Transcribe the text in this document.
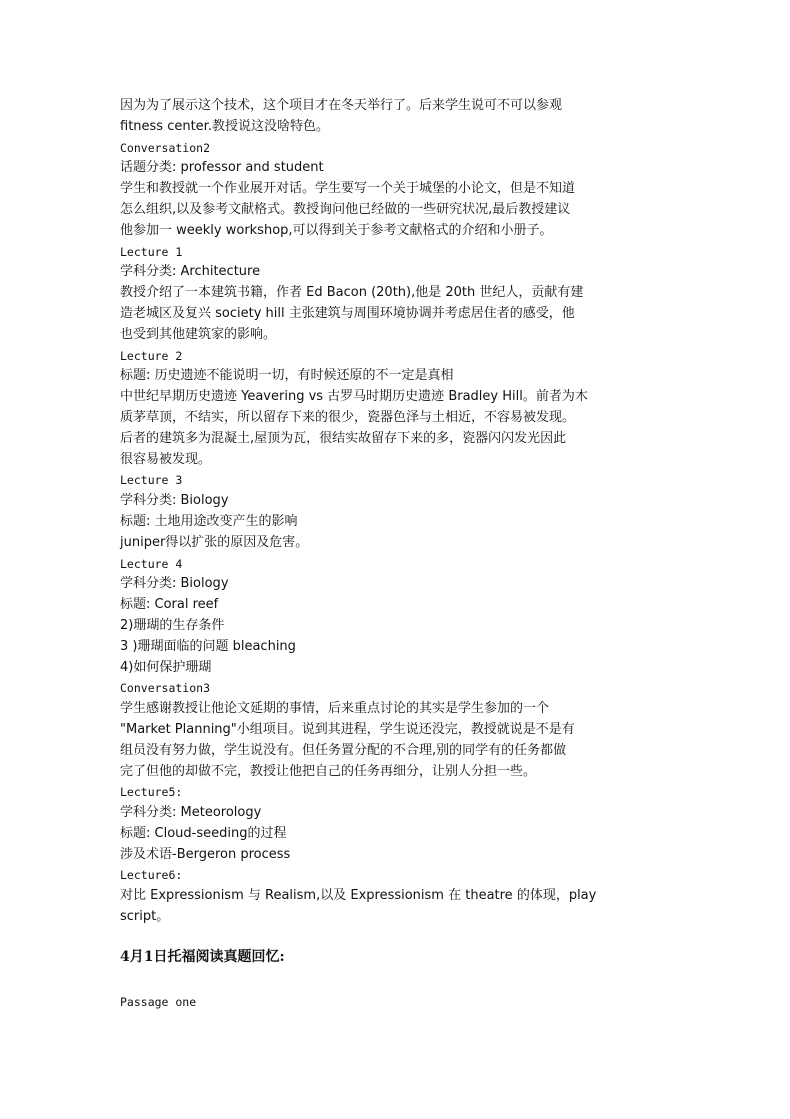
因为为了展示这个技术，这个项目才在冬天举行了。后来学生说可不可以参观
fitness center.教授说这没啥特色。
Conversation2
话题分类: professor and student
学生和教授就一个作业展开对话。学生要写一个关于城堡的小论文，但是不知道
怎么组织,以及参考文献格式。教授询问他已经做的一些研究状况,最后教授建议
他参加一 weekly workshop,可以得到关于参考文献格式的介绍和小册子。
Lecture 1
学科分类: Architecture
教授介绍了一本建筑书籍，作者 Ed Bacon (20th),他是 20th 世纪人，贡献有建
造老城区及复兴 society hill 主张建筑与周围环境协调并考虑居住者的感受，他
也受到其他建筑家的影响。
Lecture 2
标题: 历史遗迹不能说明一切，有时候还原的不一定是真相
中世纪早期历史遗迹 Yeavering vs 古罗马时期历史遗迹 Bradley Hill。前者为木
质茅草顶，不结实，所以留存下来的很少，瓷器色泽与土相近，不容易被发现。
后者的建筑多为混凝土,屋顶为瓦，很结实故留存下来的多，瓷器闪闪发光因此
很容易被发现。
Lecture 3
学科分类: Biology
标题: 土地用途改变产生的影响
juniper得以扩张的原因及危害。
Lecture 4
学科分类: Biology
标题: Coral reef
2)珊瑚的生存条件
3 )珊瑚面临的问题 bleaching
4)如何保护珊瑚
Conversation3
学生感谢教授让他论文延期的事情，后来重点讨论的其实是学生参加的一个
"Market Planning"小组项目。说到其进程，学生说还没完，教授就说是不是有
组员没有努力做，学生说没有。但任务置分配的不合理,别的同学有的任务都做
完了但他的却做不完，教授让他把自己的任务再细分，让别人分担一些。
Lecture5:
学科分类: Meteorology
标题: Cloud-seeding的过程
涉及术语-Bergeron process
Lecture6:
对比 Expressionism 与 Realism,以及 Expressionism 在 theatre 的体现，play
script。
4月1日托福阅读真题回忆:
Passage one
